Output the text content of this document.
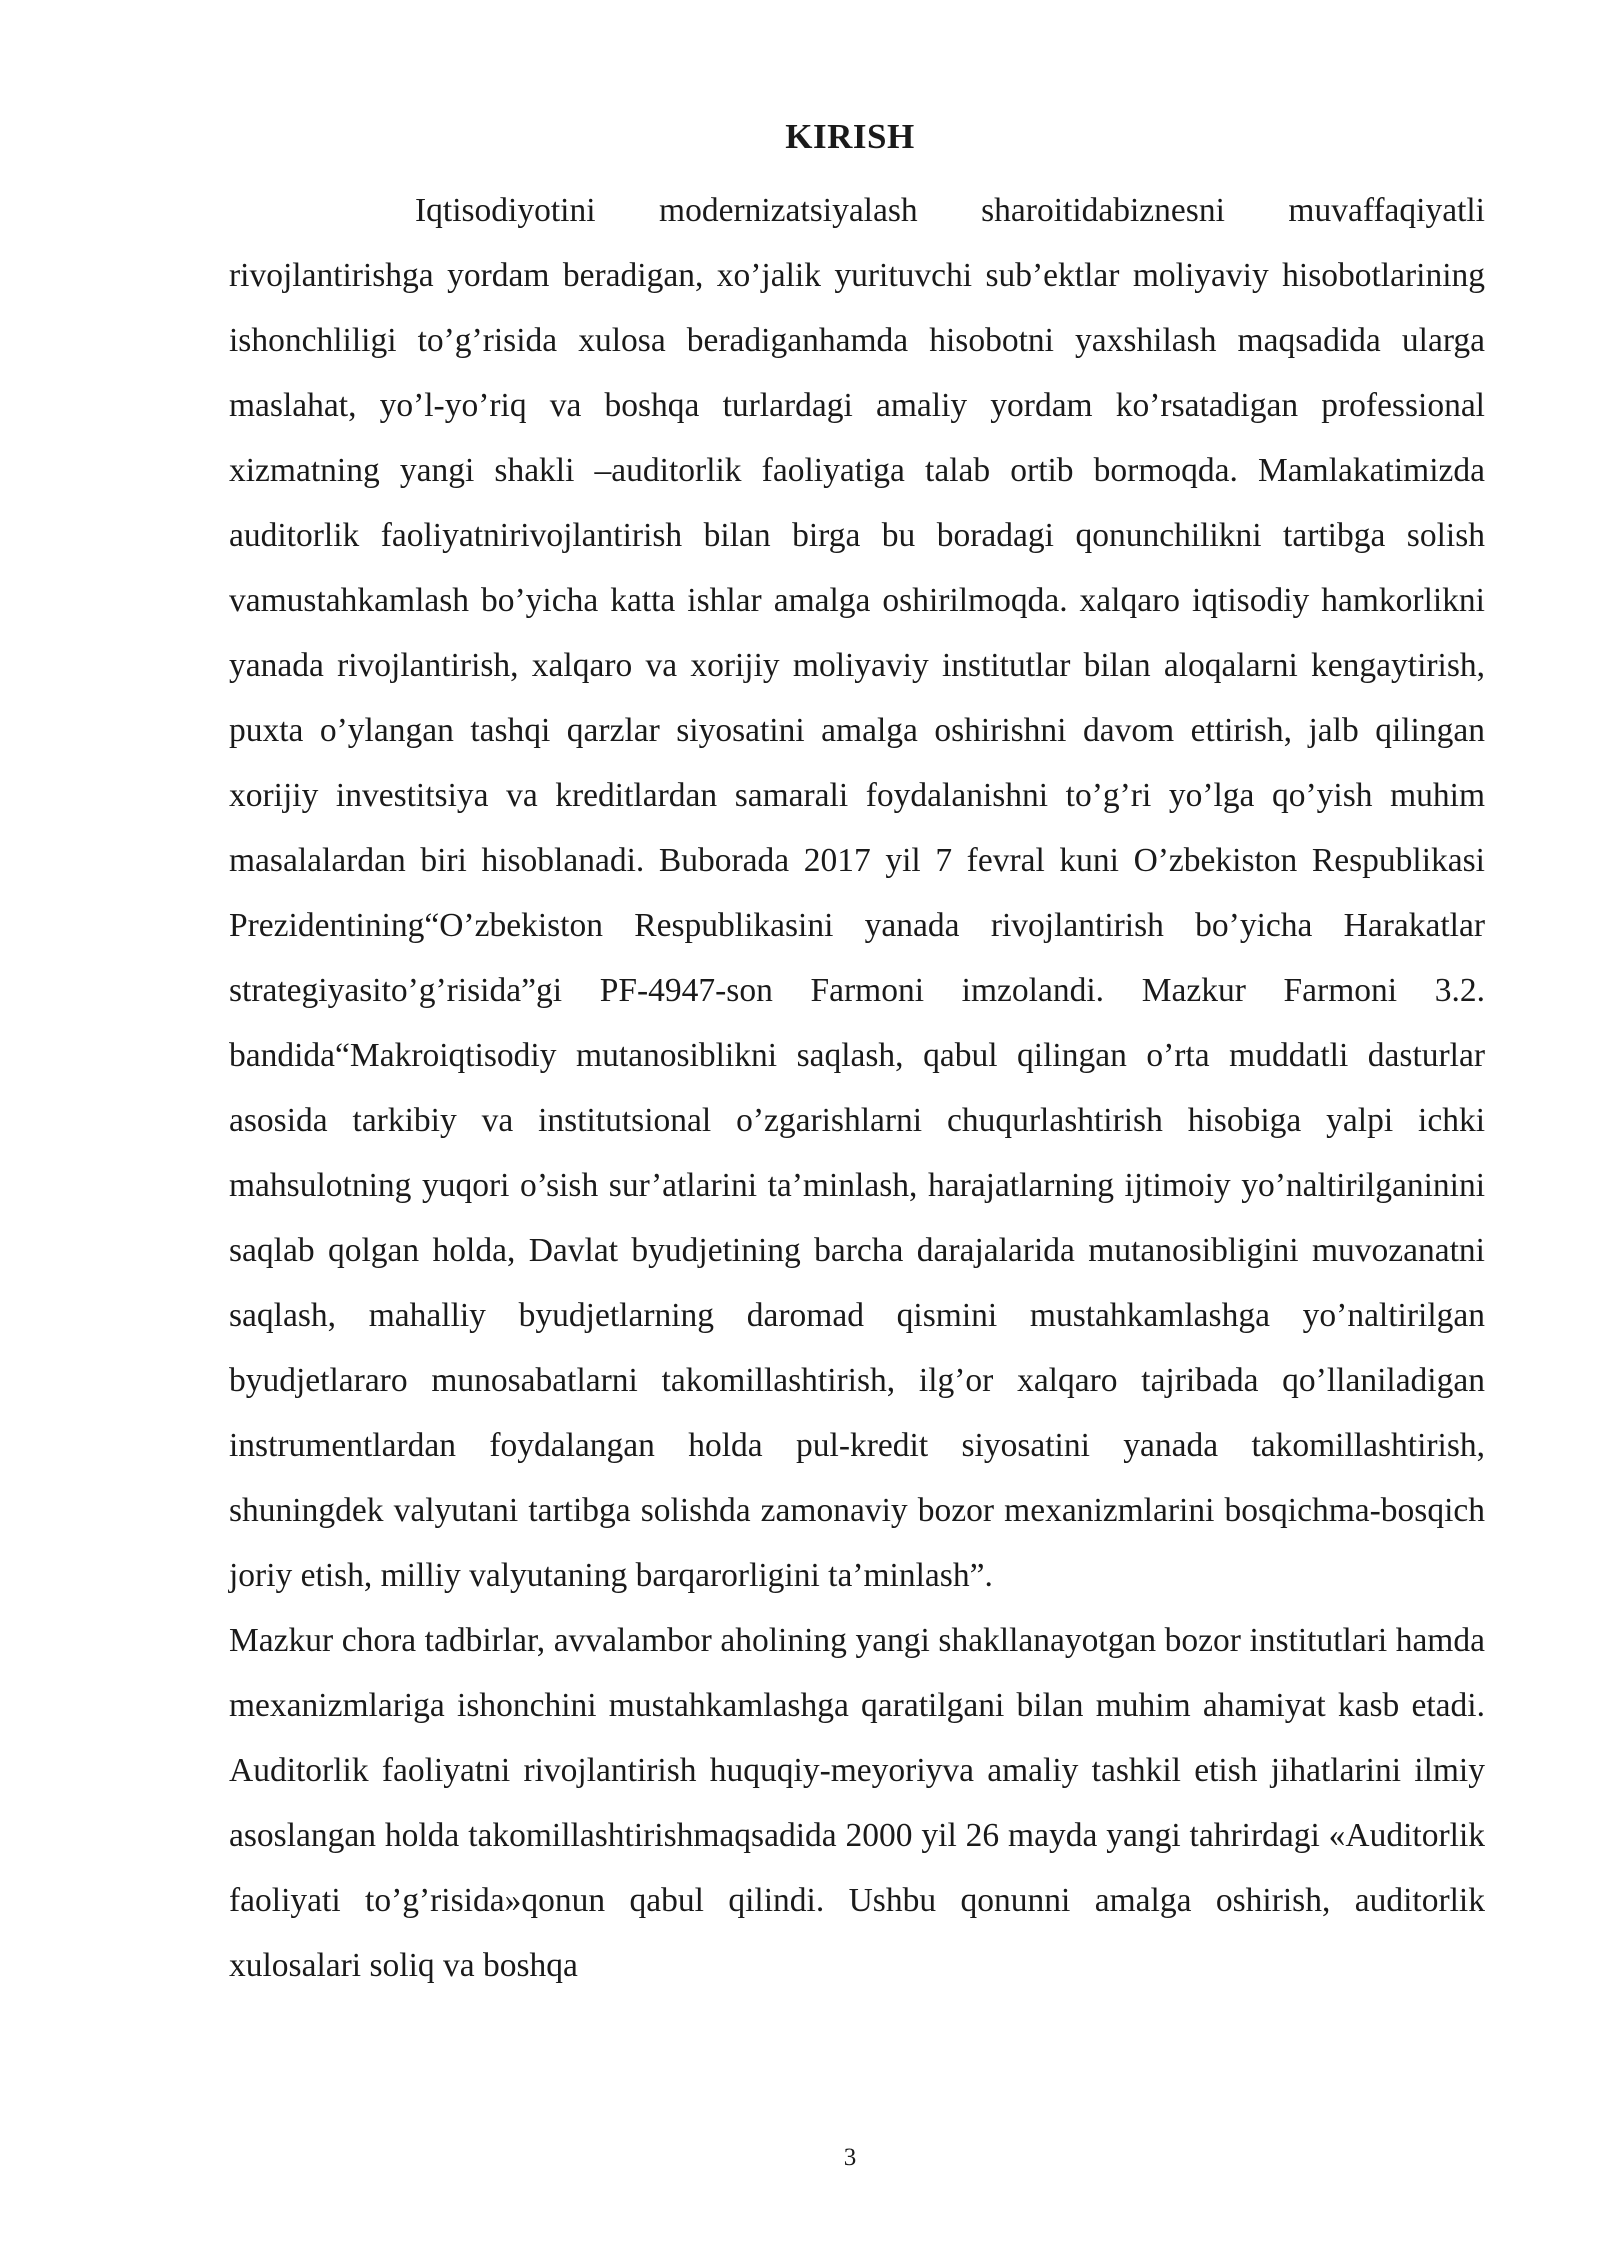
KIRISH

Iqtisodiyotini modernizatsiyalash sharoitidabiznesni muvaffaqiyatli rivojlantirishga yordam beradigan, xo’jalik yurituvchi sub’ektlar moliyaviy hisobotlarining ishonchliligi to’g’risida xulosa beradiganhamda hisobotni yaxshilash maqsadida ularga maslahat, yo’l-yo’riq va boshqa turlardagi amaliy yordam ko’rsatadigan professional xizmatning yangi shakli –auditorlik faoliyatiga talab ortib bormoqda. Mamlakatimizda auditorlik faoliyatnirivojlantirish bilan birga bu boradagi qonunchilikni tartibga solish vamustahkamlash bo’yicha katta ishlar amalga oshirilmoqda. xalqaro iqtisodiy hamkorlikni yanada rivojlantirish, xalqaro va xorijiy moliyaviy institutlar bilan aloqalarni kengaytirish, puxta o’ylangan tashqi qarzlar siyosatini amalga oshirishni davom ettirish, jalb qilingan xorijiy investitsiya va kreditlardan samarali foydalanishni to’g’ri yo’lga qo’yish muhim masalalardan biri hisoblanadi. Buborada 2017 yil 7 fevral kuni O’zbekiston Respublikasi Prezidentining“O’zbekiston Respublikasini yanada rivojlantirish bo’yicha Harakatlar strategiyasito’g’risida”gi PF-4947-son Farmoni imzolandi. Mazkur Farmoni 3.2. bandida“Makroiqtisodiy mutanosiblikni saqlash, qabul qilingan o’rta muddatli dasturlar asosida tarkibiy va institutsional o’zgarishlarni chuqurlashtirish hisobiga yalpi ichki mahsulotning yuqori o’sish sur’atlarini ta’minlash, harajatlarning ijtimoiy yo’naltirilganinini saqlab qolgan holda, Davlat byudjetining barcha darajalarida mutanosibligini muvozanatni saqlash, mahalliy byudjetlarning daromad qismini mustahkamlashga yo’naltirilgan byudjetlararo munosabatlarni takomillashtirish, ilg’or xalqaro tajribada qo’llaniladigan instrumentlardan foydalangan holda pul-kredit siyosatini yanada takomillashtirish, shuningdek valyutani tartibga solishda zamonaviy bozor mexanizmlarini bosqichma-bosqich joriy etish, milliy valyutaning barqarorligini ta’minlash”.

Mazkur chora tadbirlar, avvalambor aholining yangi shakllanayotgan bozor institutlari hamda mexanizmlariga ishonchini mustahkamlashga qaratilgani bilan muhim ahamiyat kasb etadi. Auditorlik faoliyatni rivojlantirish huquqiy-meyoriyva amaliy tashkil etish jihatlarini ilmiy asoslangan holda takomillashtirishmaqsadida 2000 yil 26 mayda yangi tahrirdagi «Auditorlik faoliyati to’g’risida»qonun qabul qilindi. Ushbu qonunni amalga oshirish, auditorlik xulosalari soliq va boshqa

3
